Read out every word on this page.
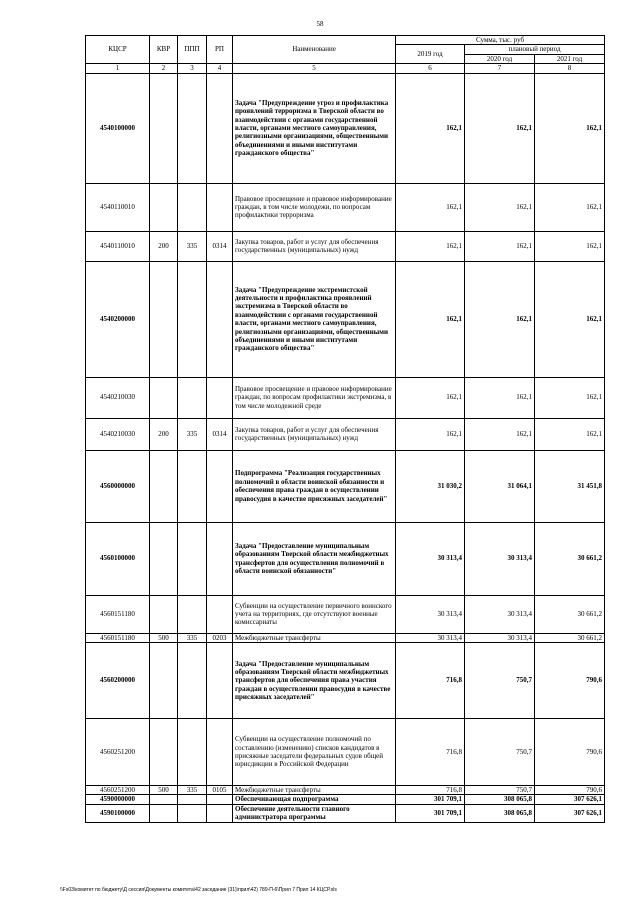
58
КЦСР	КВР	ППП	РП	Наименование	Сумма, тыс. руб		
					2019 год	плановый период	
						2020 год	2021 год
1	2	3	4	5	6	7	8
4540100000				Задача "Предупреждение угроз и профилактика проявлений терроризма в Тверской области во взаимодействии с органами государственной власти, органами местного самоуправления, религиозными организациями, общественными объединениями и иными институтами гражданского общества"	162,1	162,1	162,1
4540110010				Правовое просвещение и правовое информирование граждан, в том числе молодежи, по вопросам профилактики терроризма	162,1	162,1	162,1
4540110010	200	335	0314	Закупка товаров, работ и услуг для обеспечения государственных (муниципальных) нужд	162,1	162,1	162,1
4540200000				Задача "Предупреждение экстремистской деятельности и профилактика проявлений экстремизма в Тверской области во взаимодействии с органами государственной власти, органами местного самоуправления, религиозными организациями, общественными объединениями и иными институтами гражданского общества"	162,1	162,1	162,1
4540210030				Правовое просвещение и правовое информирование граждан, по вопросам профилактики экстремизма, в том числе молодежной среде	162,1	162,1	162,1
4540210030	200	335	0314	Закупка товаров, работ и услуг для обеспечения государственных (муниципальных) нужд	162,1	162,1	162,1
4560000000				Подпрограмма "Реализация государственных полномочий в области воинской обязанности и обеспечения права граждан в осуществлении правосудия в качестве присяжных заседателей"	31 030,2	31 064,1	31 451,8
4560100000				Задача "Предоставление муниципальным образованиям Тверской области межбюджетных трансфертов для осуществления полномочий в области воинской обязанности"	30 313,4	30 313,4	30 661,2
4560151180				Субвенции на осуществление первичного воинского учета на территориях, где отсутствуют военные комиссариаты	30 313,4	30 313,4	30 661,2
4560151180	500	335	0203	Межбюджетные трансферты	30 313,4	30 313,4	30 661,2
4560200000				Задача "Предоставление муниципальным образованиям Тверской области межбюджетных трансфертов для обеспечения права участия граждан в осуществлении правосудия в качестве присяжных заседателей"	716,8	750,7	790,6
4560251200				Субвенции на осуществление полномочий по составлению (изменению) списков кандидатов в присяжные заседатели федеральных судов общей юрисдикции в Российской Федерации	716,8	750,7	790,6
4560251200	500	335	0105	Межбюджетные трансферты	716,8	750,7	790,6
4590000000				Обеспечивающая подпрограмма	301 709,1	308 065,8	307 626,1
4590100000				Обеспечение деятельности главного администратора программы	301 709,1	308 065,8	307 626,1
\\Fs03\комитет по бюджету\Д сессия\Документы комитета\42 заседание (31)\прил\42) 789-П-6\Прил 7 Прил 14 КЦСР.xls
